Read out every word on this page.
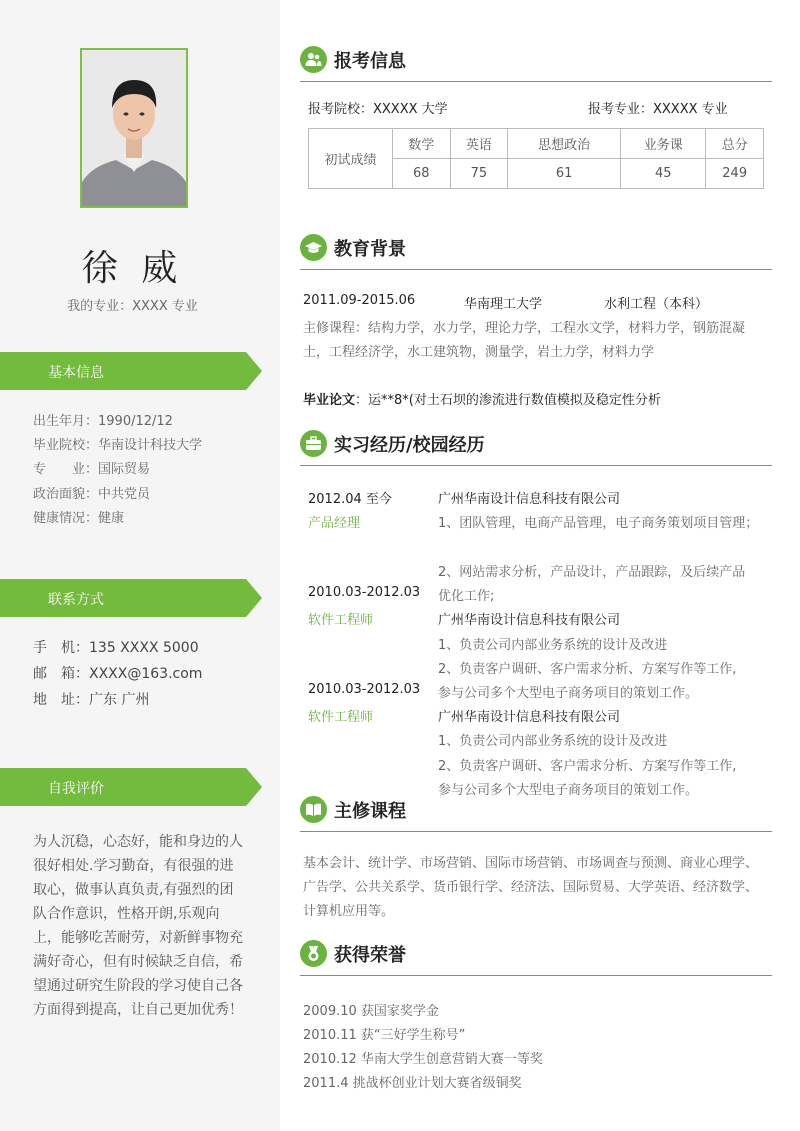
徐 威
我的专业：XXXX 专业
基本信息
出生年月：1990/12/12
毕业院校：华南设计科技大学
专　　业：国际贸易
政治面貌：中共党员
健康情况：健康
联系方式
手　机：135 XXXX 5000
邮　箱：XXXX@163.com
地　址：广东 广州
自我评价
为人沉稳，心态好，能和身边的人很好相处.学习勤奋，有很强的进取心，做事认真负责,有强烈的团队合作意识，性格开朗,乐观向上，能够吃苦耐劳，对新鲜事物充满好奇心，但有时候缺乏自信，希望通过研究生阶段的学习使自己各方面得到提高，让自己更加优秀！
报考信息
报考院校：XXXXX 大学	报考专业：XXXXX 专业
初试成绩	数学	英语	思想政治	业务课	总分
	68	75	61	45	249
教育背景
2011.09-2015.06	华南理工大学	水利工程（本科）
主修课程：结构力学，水力学，理论力学，工程水文学，材料力学，钢筋混凝
土，工程经济学，水工建筑物，测量学，岩土力学，材料力学
毕业论文：运**8*(对土石坝的渗流进行数值模拟及稳定性分析
实习经历/校园经历
2012.04 至今
产品经理
广州华南设计信息科技有限公司
1、团队管理，电商产品管理，电子商务策划项目管理；
2、网站需求分析，产品设计，产品跟踪，及后续产品
优化工作;
2010.03-2012.03
软件工程师	广州华南设计信息科技有限公司
1、负责公司内部业务系统的设计及改进
2、负责客户调研、客户需求分析、方案写作等工作,
参与公司多个大型电子商务项目的策划工作。
2010.03-2012.03
软件工程师	广州华南设计信息科技有限公司
1、负责公司内部业务系统的设计及改进
2、负责客户调研、客户需求分析、方案写作等工作,
参与公司多个大型电子商务项目的策划工作。
主修课程
基本会计、统计学、市场营销、国际市场营销、市场调查与预测、商业心理学、
广告学、公共关系学、货币银行学、经济法、国际贸易、大学英语、经济数学、
计算机应用等。
获得荣誉
2009.10 获国家奖学金
2010.11 获“三好学生称号”
2010.12 华南大学生创意营销大赛一等奖
2011.4 挑战杯创业计划大赛省级铜奖
